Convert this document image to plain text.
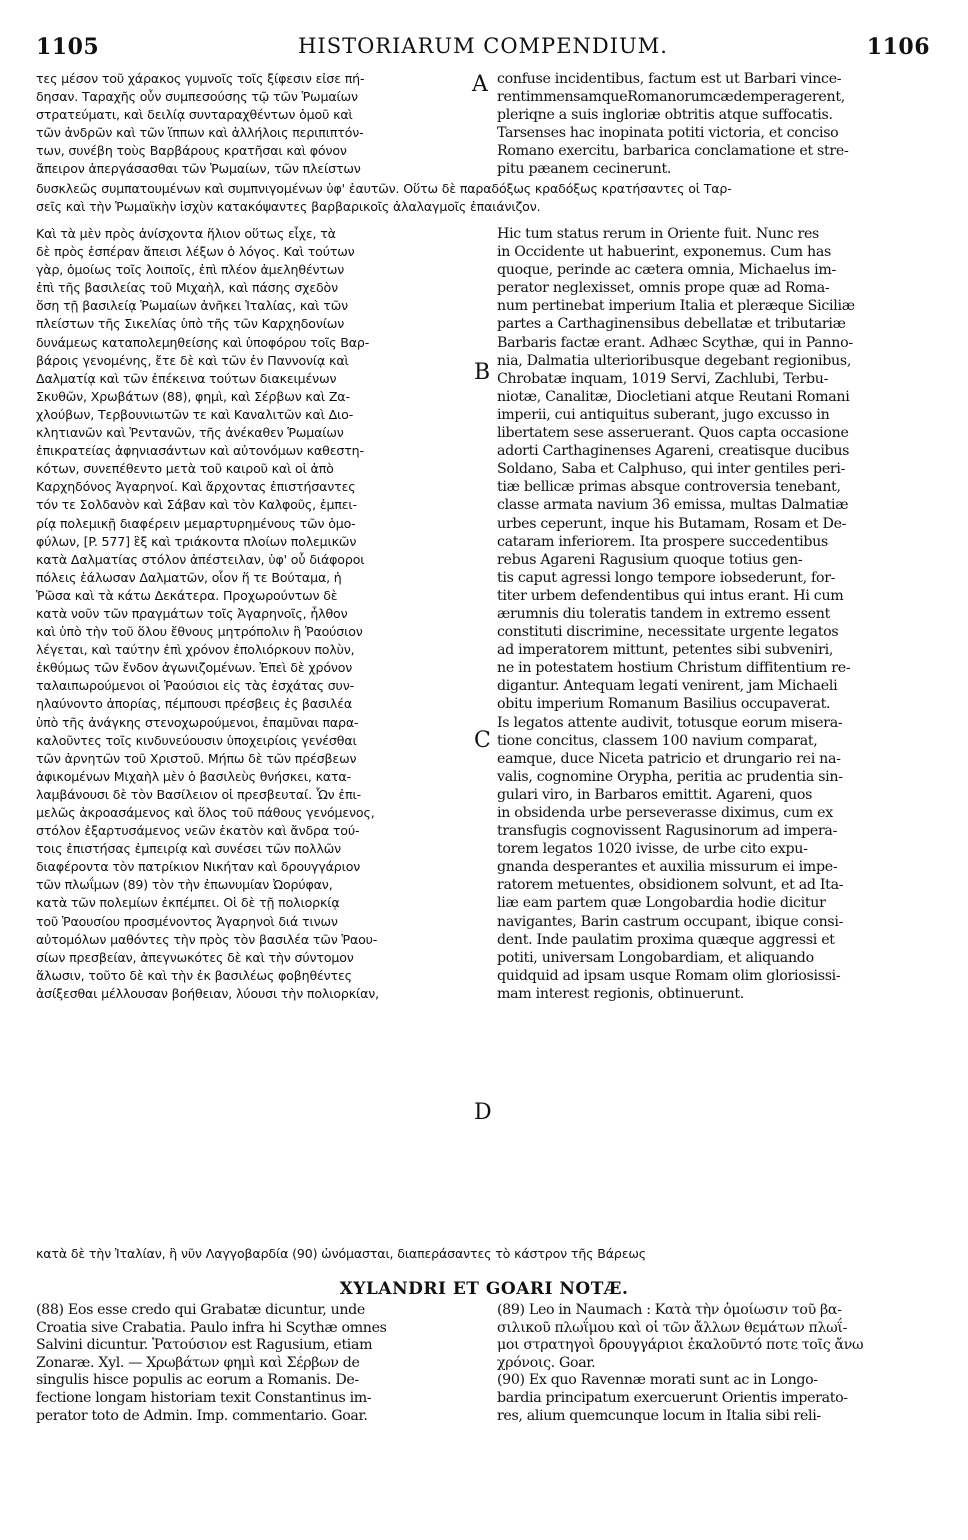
1105	HISTORIARUM COMPENDIUM.	1106
τες μέσον τοῦ χάρακος γυμνοῖς τοῖς ξίφεσιν εἰσε πή-
δησαν. Ταραχῆς οὖν συμπεσούσης τῷ τῶν Ῥωμαίων
στρατεύματι, καὶ δειλίᾳ συνταραχθέντων ὁμοῦ καὶ
τῶν ἀνδρῶν καὶ τῶν ἵππων καὶ ἀλλήλοις περιπιπτόν-
των, συνέβη τοὺς Βαρβάρους κρατῆσαι καὶ φόνον
ἄπειρον ἀπεργάσασθαι τῶν Ῥωμαίων, τῶν πλείστων
A confuse incidentibus, factum est ut Barbari vince-
rentimmensamqueRomanorumcædemperagerent,
pleriqne a suis ingloriæ obtritis atque suffocatis.
Tarsenses hac inopinata potiti victoria, et conciso
Romano exercitu, barbarica conclamatione et stre-
pitu pæanem cecinerunt.
δυσκλεῶς συμπατουμένων καὶ συμπνιγομένων ὑφ' ἑαυτῶν. Οὕτω δὲ παραδόξως κραδόξως κρατήσαντες οἱ Ταρ-
σεῖς καὶ τὴν Ῥωμαϊκὴν ἰσχὺν κατακόψαντες βαρβαρικοῖς ἀλαλαγμοῖς ἐπαιάνιζον.
Καὶ τὰ μὲν πρὸς ἀνίσχοντα ἥλιον οὕτως εἶχε, τὰ
δὲ πρὸς ἑσπέραν ἄπεισι λέξων ὁ λόγος. Καὶ τούτων
γὰρ, ὁμοίως τοῖς λοιποῖς, ἐπὶ πλέον ἀμεληθέντων
ἐπὶ τῆς βασιλείας τοῦ Μιχαὴλ, καὶ πάσης σχεδὸν
ὅση τῇ βασιλείᾳ Ῥωμαίων ἀνῆκει Ἰταλίας, καὶ τῶν
πλείστων τῆς Σικελίας ὑπὸ τῆς τῶν Καρχηδονίων
δυνάμεως καταπολεμηθείσης καὶ ὑποφόρου τοῖς Βαρ-
βάροις γενομένης, ἔτε δὲ καὶ τῶν ἐν Παννονίᾳ καὶ
Δαλματίᾳ καὶ τῶν ἐπέκεινα τούτων διακειμένων
Σκυθῶν, Χρωβάτων (88), φημὶ, καὶ Σέρβων καὶ Ζα-
χλούβων, Τερβουνιωτῶν τε καὶ Καναλιτῶν καὶ Διο-
κλητιανῶν καὶ Ῥεντανῶν, τῆς ἀνέκαθεν Ῥωμαίων
ἐπικρατείας ἀφηνιασάντων καὶ αὐτονόμων καθεστη-
κότων, συνεπέθεντο μετὰ τοῦ καιροῦ καὶ οἱ ἀπὸ
Καρχηδόνος Ἀγαρηνοί. Καὶ ἄρχοντας ἐπιστήσαντες
τόν τε Σολδανὸν καὶ Σάβαν καὶ τὸν Καλφοῦς, ἐμπει-
ρίᾳ πολεμικῇ διαφέρειν μεμαρτυρημένους τῶν ὁμο-
φύλων, [P. 577] ἓξ καὶ τριάκοντα πλοίων πολεμικῶν
κατὰ Δαλματίας στόλον ἀπέστειλαν, ὑφ' οὗ διάφοροι
πόλεις ἑάλωσαν Δαλματῶν, οἷον ἥ τε Βούταμα, ἡ
Ῥῶσα καὶ τὰ κάτω Δεκάτερα. Προχωρούντων δὲ
κατὰ νοῦν τῶν πραγμάτων τοῖς Ἀγαρηνοῖς, ἦλθον
καὶ ὑπὸ τὴν τοῦ ὅλου ἔθνους μητρόπολιν ἣ Ῥαούσιον
λέγεται, καὶ ταύτην ἐπὶ χρόνον ἐπολιόρκουν πολὺν,
ἐκθύμως τῶν ἔνδον ἀγωνιζομένων. Ἐπεὶ δὲ χρόνον
ταλαιπωρούμενοι οἱ Ῥαούσιοι εἰς τὰς ἐσχάτας συν-
ηλαύνοντο ἀπορίας, πέμπουσι πρέσβεις ἐς βασιλέα
ὑπὸ τῆς ἀνάγκης στενοχωρούμενοι, ἐπαμῦναι παρα-
καλοῦντες τοῖς κινδυνεύουσιν ὑποχειρίοις γενέσθαι
τῶν ἀρνητῶν τοῦ Χριστοῦ. Μήπω δὲ τῶν πρέσβεων
ἀφικομένων Μιχαὴλ μὲν ὁ βασιλεὺς θνήσκει, κατα-
λαμβάνουσι δὲ τὸν Βασίλειον οἱ πρεσβευταί. Ὧν ἐπι-
μελῶς ἀκροασάμενος καὶ ὅλος τοῦ πάθους γενόμενος,
στόλον ἐξαρτυσάμενος νεῶν ἑκατὸν καὶ ἄνδρα τού-
τοις ἐπιστήσας ἐμπειρίᾳ καὶ συνέσει τῶν πολλῶν
διαφέροντα τὸν πατρίκιον Νικήταν καὶ δρουγγάριον
τῶν πλωΐμων (89) τὸν τὴν ἐπωνυμίαν Ὠορύφαν,
κατὰ τῶν πολεμίων ἐκπέμπει. Οἱ δὲ τῇ πολιορκίᾳ
τοῦ Ῥαουσίου προσμένοντος Ἀγαρηνοὶ διά τινων
αὐτομόλων μαθόντες τὴν πρὸς τὸν βασιλέα τῶν Ῥαου-
σίων πρεσβείαν, ἀπεγνωκότες δὲ καὶ τὴν σύντομον
ἅλωσιν, τοῦτο δὲ καὶ τὴν ἐκ βασιλέως φοβηθέντες
ἀσίξεσθαι μέλλουσαν βοήθειαν, λύουσι τὴν πολιορκίαν,
B
C
D
Hic tum status rerum in Oriente fuit. Nunc res
in Occidente ut habuerint, exponemus. Cum has
quoque, perinde ac cætera omnia, Michaelus im-
perator neglexisset, omnis prope quæ ad Roma-
num pertinebat imperium Italia et pleræque Siciliæ
partes a Carthaginensibus debellatæ et tributariæ
Barbaris factæ erant. Adhæc Scythæ, qui in Panno-
nia, Dalmatia ulterioribusque degebant regionibus,
Chrobatæ inquam, 1019 Servi, Zachlubi, Terbu-
niotæ, Canalitæ, Diocletiani atque Reutani Romani
imperii, cui antiquitus suberant, jugo excusso in
libertatem sese asseruerant. Quos capta occasione
adorti Carthaginenses Agareni, creatisque ducibus
Soldano, Saba et Calphuso, qui inter gentiles peri-
tiæ bellicæ primas absque controversia tenebant,
classe armata navium 36 emissa, multas Dalmatiæ
urbes ceperunt, inque his Butamam, Rosam et De-
cataram inferiorem. Ita prospere succedentibus
rebus Agareni Ragusium quoque totius gen-
tis caput agressi longo tempore iobsederunt, for-
titer urbem defendentibus qui intus erant. Hi cum
ærumnis diu toleratis tandem in extremo essent
constituti discrimine, necessitate urgente legatos
ad imperatorem mittunt, petentes sibi subveniri,
ne in potestatem hostium Christum diffitentium re-
digantur. Antequam legati venirent, jam Michaeli
obitu imperium Romanum Basilius occupaverat.
Is legatos attente audivit, totusque eorum misera-
tione concitus, classem 100 navium comparat,
eamque, duce Niceta patricio et drungario rei na-
valis, cognomine Orypha, peritia ac prudentia sin-
gulari viro, in Barbaros emittit. Agareni, quos
in obsidenda urbe perseverasse diximus, cum ex
transfugis cognovissent Ragusinorum ad impera-
torem legatos 1020 ivisse, de urbe cito expu-
gnanda desperantes et auxilia missurum ei impe-
ratorem metuentes, obsidionem solvunt, et ad Ita-
liæ eam partem quæ Longobardia hodie dicitur
navigantes, Barin castrum occupant, ibique consi-
dent. Inde paulatim proxima quæque aggressi et
potiti, universam Longobardiam, et aliquando
quidquid ad ipsam usque Romam olim gloriosissi-
mam interest regionis, obtinuerunt.
κατὰ δὲ τὴν Ἰταλίαν, ἣ νῦν Λαγγοβαρδία (90) ὠνόμασται, διαπεράσαντες τὸ κάστρον τῆς Βάρεως
XYLANDRI ET GOARI NOTÆ.
(88) Eos esse credo qui Grabatæ dicuntur, unde
Croatia sive Crabatia. Paulo infra hi Scythæ omnes
Salvini dicuntur. Ῥατούσιον est Ragusium, etiam
Zonaræ. Xyl. — Χρωβάτων φημὶ καὶ Σέρβων de
singulis hisce populis ac eorum a Romanis. De-
fectione longam historiam texit Constantinus im-
perator toto de Admin. Imp. commentario. Goar.
(89) Leo in Naumach : Κατὰ τὴν ὁμοίωσιν τοῦ βα-
σιλικοῦ πλωΐμου καὶ οἱ τῶν ἄλλων θεμάτων πλωΐ-
μοι στρατηγοὶ δρουγγάριοι ἐκαλοῦντό ποτε τοῖς ἄνω
χρόνοις. Goar.
(90) Ex quo Ravennæ morati sunt ac in Longo-
bardia principatum exercuerunt Orientis imperato-
res, alium quemcunque locum in Italia sibi reli-
